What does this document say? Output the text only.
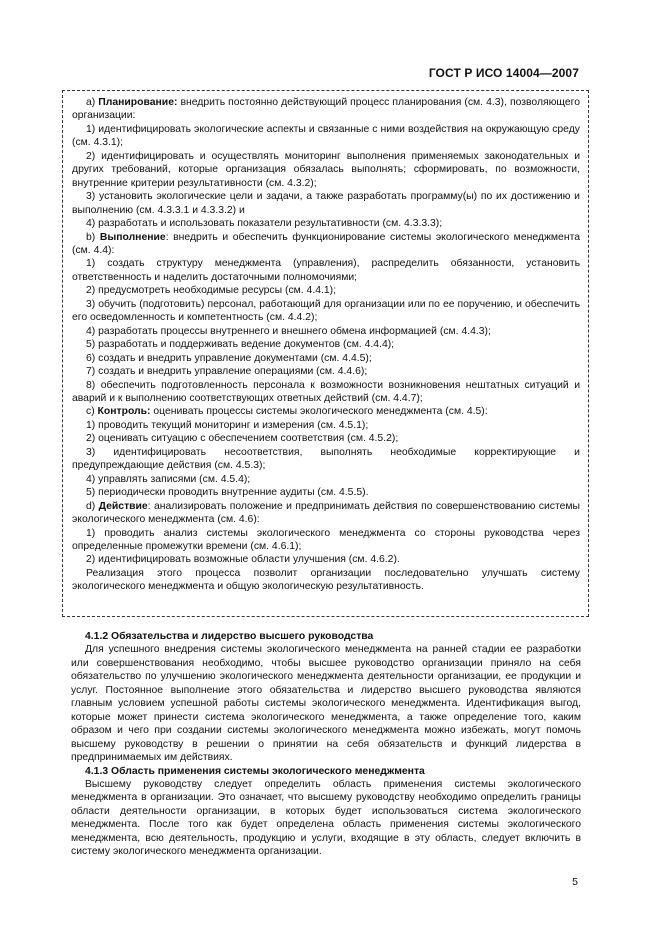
ГОСТ Р ИСО 14004—2007

a) Планирование: внедрить постоянно действующий процесс планирования (см. 4.3), позволяющего организации:

1) идентифицировать экологические аспекты и связанные с ними воздействия на окружающую среду (см. 4.3.1);

2) идентифицировать и осуществлять мониторинг выполнения применяемых законодательных и других требований, которые организация обязалась выполнять; сформировать, по возможности, внутренние критерии результативности (см. 4.3.2);

3) установить экологические цели и задачи, а также разработать программу(ы) по их достижению и выполнению (см. 4.3.3.1 и 4.3.3.2) и

4) разработать и использовать показатели результативности (см. 4.3.3.3);

b) Выполнение: внедрить и обеспечить функционирование системы экологического менеджмента (см. 4.4):

1) создать структуру менеджмента (управления), распределить обязанности, установить ответственность и наделить достаточными полномочиями;

2) предусмотреть необходимые ресурсы (см. 4.4.1);

3) обучить (подготовить) персонал, работающий для организации или по ее поручению, и обеспечить его осведомленность и компетентность (см. 4.4.2);

4) разработать процессы внутреннего и внешнего обмена информацией (см. 4.4.3);

5) разработать и поддерживать ведение документов (см. 4.4.4);

6) создать и внедрить управление документами (см. 4.4.5);

7) создать и внедрить управление операциями (см. 4.4.6);

8) обеспечить подготовленность персонала к возможности возникновения нештатных ситуаций и аварий и к выполнению соответствующих ответных действий (см. 4.4.7);

c) Контроль: оценивать процессы системы экологического менеджмента (см. 4.5):

1) проводить текущий мониторинг и измерения (см. 4.5.1);

2) оценивать ситуацию с обеспечением соответствия (см. 4.5.2);

3) идентифицировать несоответствия, выполнять необходимые корректирующие и предупреждающие действия (см. 4.5.3);

4) управлять записями (см. 4.5.4);

5) периодически проводить внутренние аудиты (см. 4.5.5).

d) Действие: анализировать положение и предпринимать действия по совершенствованию системы экологического менеджмента (см. 4.6):

1) проводить анализ системы экологического менеджмента со стороны руководства через определенные промежутки времени (см. 4.6.1);

2) идентифицировать возможные области улучшения (см. 4.6.2).

Реализация этого процесса позволит организации последовательно улучшать систему экологического менеджмента и общую экологическую результативность.

4.1.2 Обязательства и лидерство высшего руководства

Для успешного внедрения системы экологического менеджмента на ранней стадии ее разработки или совершенствования необходимо, чтобы высшее руководство организации приняло на себя обязательство по улучшению экологического менеджмента деятельности организации, ее продукции и услуг. Постоянное выполнение этого обязательства и лидерство высшего руководства являются главным условием успешной работы системы экологического менеджмента. Идентификация выгод, которые может принести система экологического менеджмента, а также определение того, каким образом и чего при создании системы экологического менеджмента можно избежать, могут помочь высшему руководству в решении о принятии на себя обязательств и функций лидерства в предпринимаемых им действиях.

4.1.3 Область применения системы экологического менеджмента

Высшему руководству следует определить область применения системы экологического менеджмента в организации. Это означает, что высшему руководству необходимо определить границы области деятельности организации, в которых будет использоваться система экологического менеджмента. После того как будет определена область применения системы экологического менеджмента, всю деятельность, продукцию и услуги, входящие в эту область, следует включить в систему экологического менеджмента организации.

5
